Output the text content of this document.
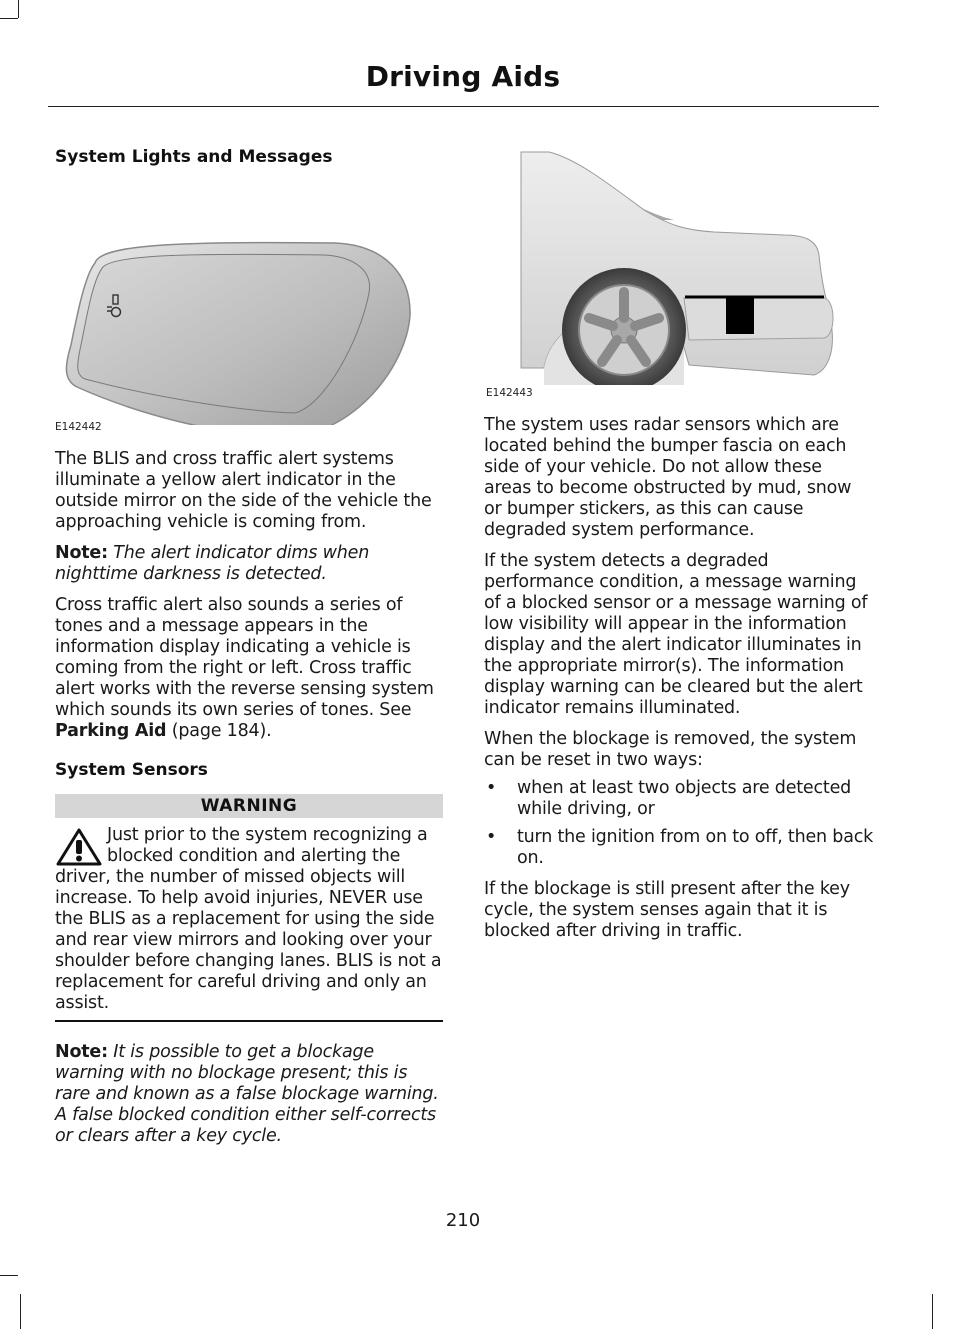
Driving Aids
System Lights and Messages
E142442

The BLIS and cross traffic alert systems illuminate a yellow alert indicator in the outside mirror on the side of the vehicle the approaching vehicle is coming from.

Note: The alert indicator dims when nighttime darkness is detected.

Cross traffic alert also sounds a series of tones and a message appears in the information display indicating a vehicle is coming from the right or left. Cross traffic alert works with the reverse sensing system which sounds its own series of tones. See Parking Aid (page 184).

System Sensors
WARNING

Just prior to the system recognizing a blocked condition and alerting the driver, the number of missed objects will increase. To help avoid injuries, NEVER use the BLIS as a replacement for using the side and rear view mirrors and looking over your shoulder before changing lanes. BLIS is not a replacement for careful driving and only an assist.

Note: It is possible to get a blockage warning with no blockage present; this is rare and known as a false blockage warning. A false blocked condition either self-corrects or clears after a key cycle.

E142443

The system uses radar sensors which are located behind the bumper fascia on each side of your vehicle. Do not allow these areas to become obstructed by mud, snow or bumper stickers, as this can cause degraded system performance.

If the system detects a degraded performance condition, a message warning of a blocked sensor or a message warning of low visibility will appear in the information display and the alert indicator illuminates in the appropriate mirror(s). The information display warning can be cleared but the alert indicator remains illuminated.

When the blockage is removed, the system can be reset in two ways:

• when at least two objects are detected while driving, or
• turn the ignition from on to off, then back on.

If the blockage is still present after the key cycle, the system senses again that it is blocked after driving in traffic.

210
